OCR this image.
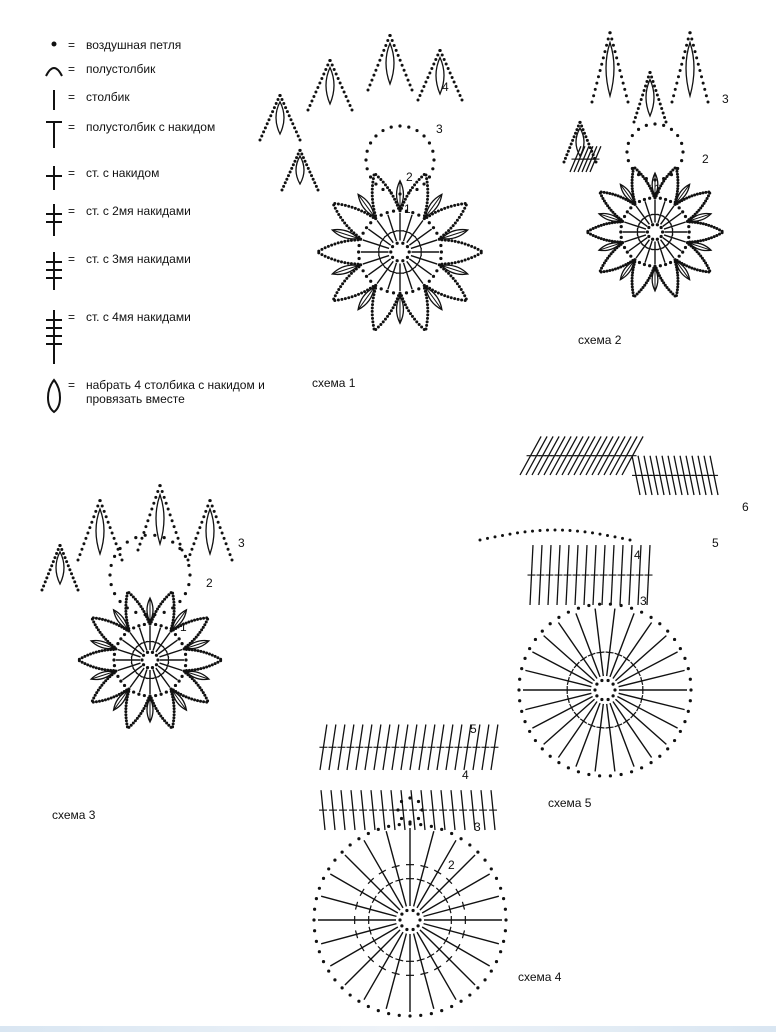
= воздушная петля
= полустолбик
= столбик
= полустолбик с накидом
= ст. с накидом
= ст. с 2мя накидами
= ст. с 3мя накидами
= ст. с 4мя накидами
= набрать 4 столбика с накидом и провязать вместе
4
3
2
1
3
2
1
3
2
1
5
4
3
2
6
5
4
3
схема 1
схема 2
схема 3
схема 4
схема 5
